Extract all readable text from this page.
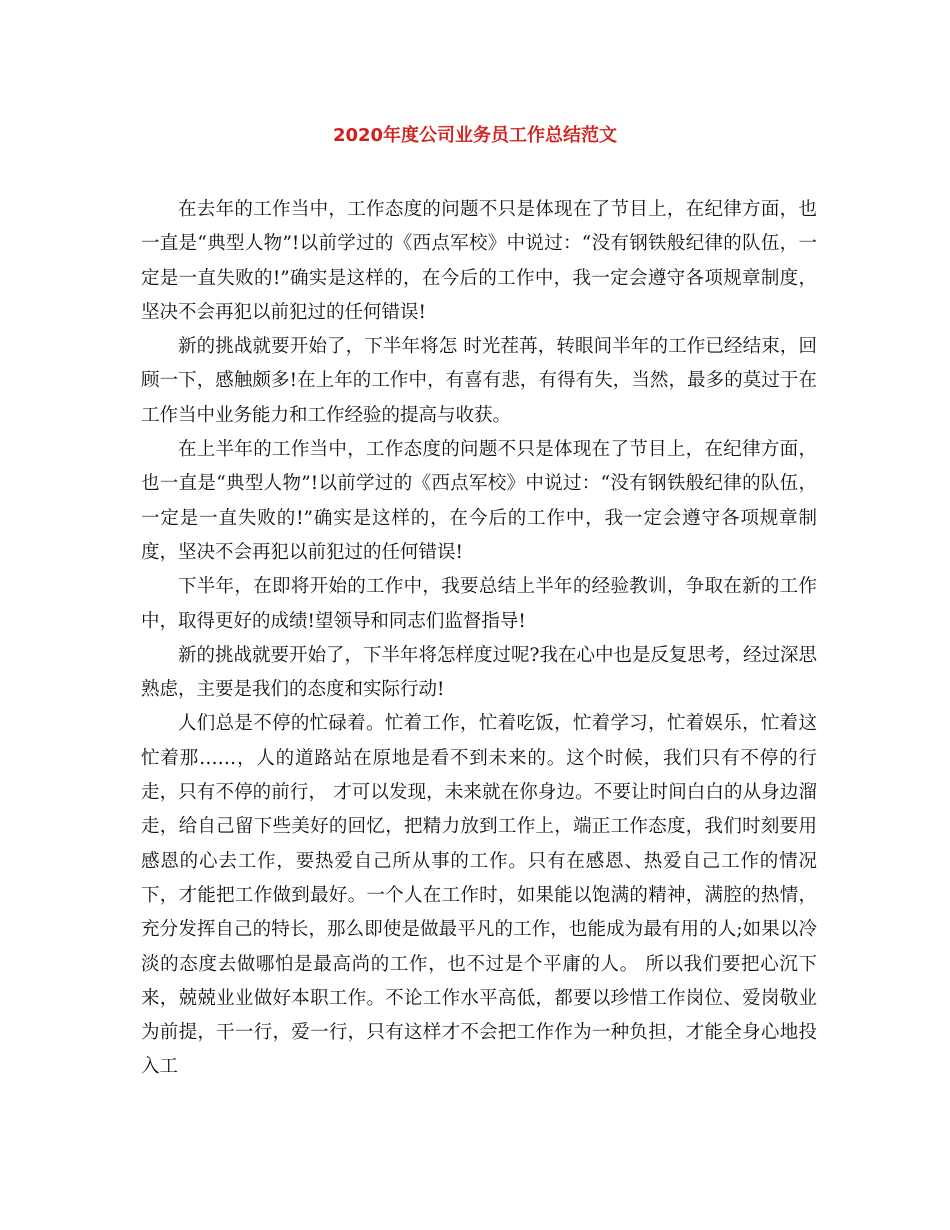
2020年度公司业务员工作总结范文

在去年的工作当中，工作态度的问题不只是体现在了节目上，在纪律方面，也一直是“典型人物”!以前学过的《西点军校》中说过：“没有钢铁般纪律的队伍，一定是一直失败的!”确实是这样的，在今后的工作中，我一定会遵守各项规章制度，坚决不会再犯以前犯过的任何错误!

新的挑战就要开始了，下半年将怎 时光茬苒，转眼间半年的工作已经结束，回顾一下，感触颇多!在上年的工作中，有喜有悲，有得有失，当然，最多的莫过于在工作当中业务能力和工作经验的提高与收获。

在上半年的工作当中，工作态度的问题不只是体现在了节目上，在纪律方面，也一直是“典型人物”!以前学过的《西点军校》中说过：“没有钢铁般纪律的队伍，一定是一直失败的!”确实是这样的，在今后的工作中，我一定会遵守各项规章制度，坚决不会再犯以前犯过的任何错误!

下半年，在即将开始的工作中，我要总结上半年的经验教训，争取在新的工作中，取得更好的成绩!望领导和同志们监督指导!

新的挑战就要开始了，下半年将怎样度过呢?我在心中也是反复思考，经过深思熟虑，主要是我们的态度和实际行动!

人们总是不停的忙碌着。忙着工作，忙着吃饭，忙着学习，忙着娱乐，忙着这忙着那……，人的道路站在原地是看不到未来的。这个时候，我们只有不停的行走，只有不停的前行， 才可以发现，未来就在你身边。不要让时间白白的从身边溜走，给自己留下些美好的回忆，把精力放到工作上，端正工作态度，我们时刻要用感恩的心去工作，要热爱自己所从事的工作。只有在感恩、热爱自己工作的情况下，才能把工作做到最好。一个人在工作时，如果能以饱满的精神，满腔的热情，充分发挥自己的特长，那么即使是做最平凡的工作，也能成为最有用的人;如果以冷淡的态度去做哪怕是最高尚的工作，也不过是个平庸的人。 所以我们要把心沉下来，兢兢业业做好本职工作。不论工作水平高低，都要以珍惜工作岗位、爱岗敬业为前提，干一行，爱一行，只有这样才不会把工作作为一种负担，才能全身心地投入工
